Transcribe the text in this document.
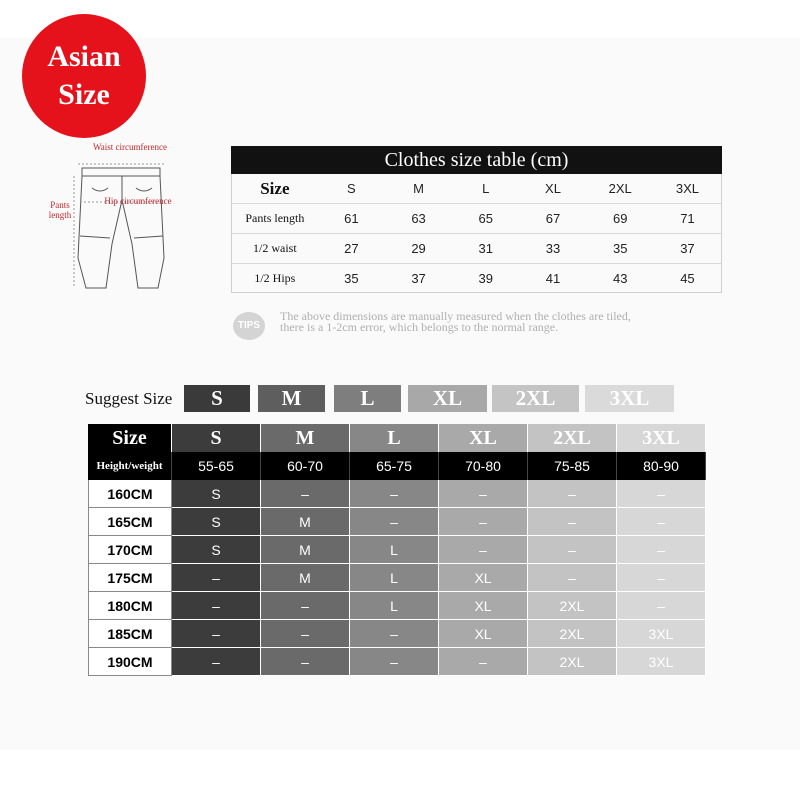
Asian
Size
Waist circumference
Hip circumference
Pants length
Clothes size table (cm)
Size	S	M	L	XL	2XL	3XL
Pants length	61	63	65	67	69	71
1/2 waist	27	29	31	33	35	37
1/2 Hips	35	37	39	41	43	45
TIPS
The above dimensions are manually measured when the clothes are tiled,
there is a 1-2cm error, which belongs to the normal range.
Suggest Size	S	M	L	XL	2XL	3XL
Size	S	M	L	XL	2XL	3XL
Height/weight	55-65	60-70	65-75	70-80	75-85	80-90
160CM	S	–	–	–	–	–
165CM	S	M	–	–	–	–
170CM	S	M	L	–	–	–
175CM	–	M	L	XL	–	–
180CM	–	–	L	XL	2XL	–
185CM	–	–	–	XL	2XL	3XL
190CM	–	–	–	–	2XL	3XL
